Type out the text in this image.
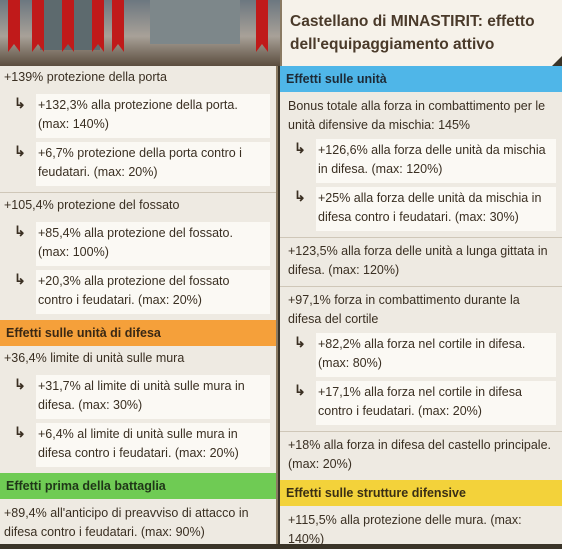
Castellano di MINASTIRIT: effetto dell'equipaggiamento attivo
+139% protezione della porta
↳ +132,3% alla protezione della porta. (max: 140%)
↳ +6,7% protezione della porta contro i feudatari. (max: 20%)
+105,4% protezione del fossato
↳ +85,4% alla protezione del fossato. (max: 100%)
↳ +20,3% alla protezione del fossato contro i feudatari. (max: 20%)
Effetti sulle unità di difesa
+36,4% limite di unità sulle mura
↳ +31,7% al limite di unità sulle mura in difesa. (max: 30%)
↳ +6,4% al limite di unità sulle mura in difesa contro i feudatari. (max: 20%)
Effetti prima della battaglia
+89,4% all'anticipo di preavviso di attacco in difesa contro i feudatari. (max: 90%)
Effetti sulle unità
Bonus totale alla forza in combattimento per le unità difensive da mischia: 145%
↳ +126,6% alla forza delle unità da mischia in difesa. (max: 120%)
↳ +25% alla forza delle unità da mischia in difesa contro i feudatari. (max: 30%)
+123,5% alla forza delle unità a lunga gittata in difesa. (max: 120%)
+97,1% forza in combattimento durante la difesa del cortile
↳ +82,2% alla forza nel cortile in difesa. (max: 80%)
↳ +17,1% alla forza nel cortile in difesa contro i feudatari. (max: 20%)
+18% alla forza in difesa del castello principale. (max: 20%)
Effetti sulle strutture difensive
+115,5% alla protezione delle mura. (max: 140%)
